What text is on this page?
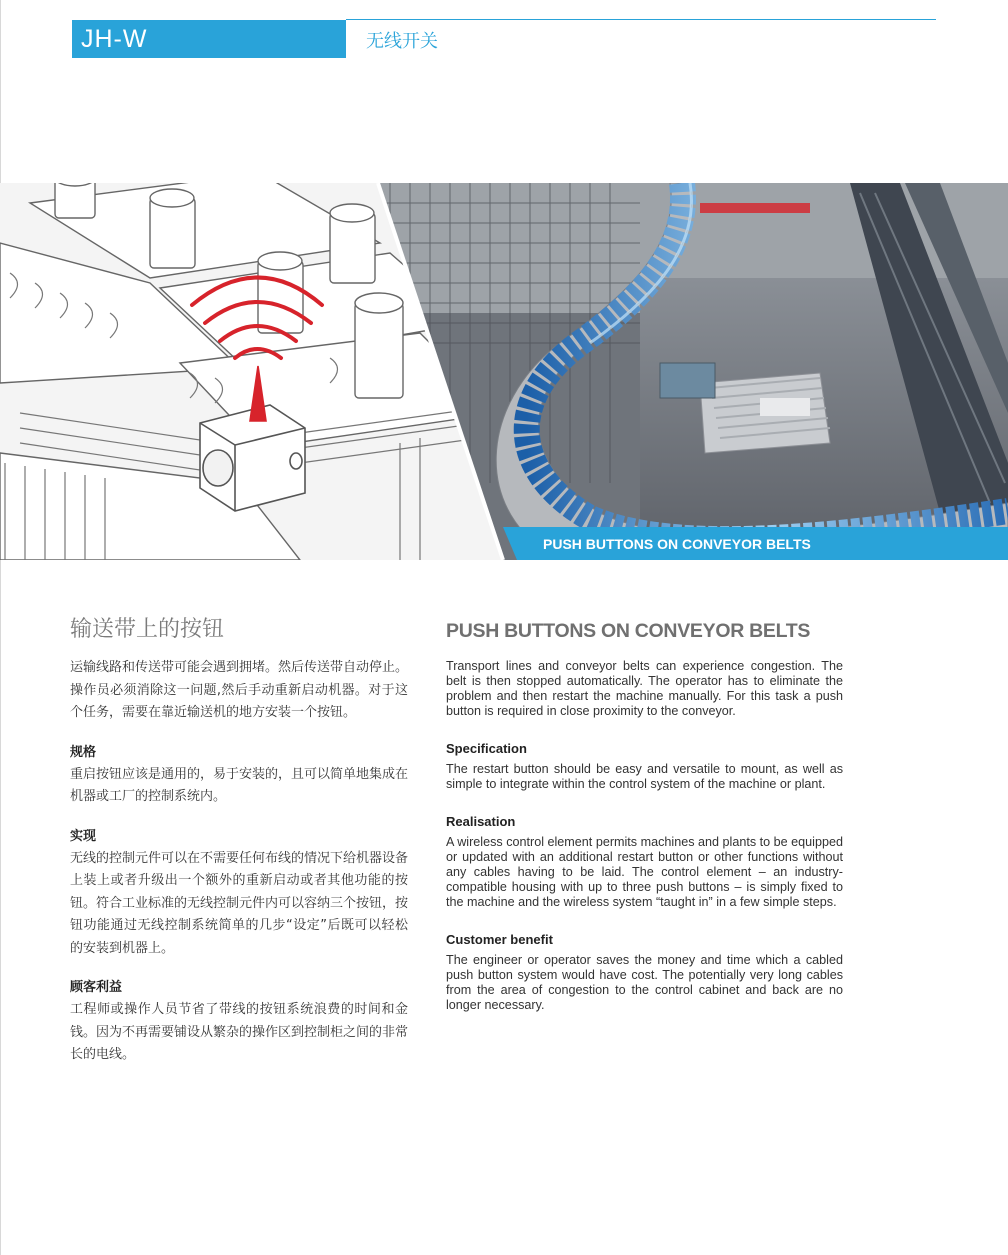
JH-W	无线开关
PUSH BUTTONS ON CONVEYOR BELTS
输送带上的按钮

运输线路和传送带可能会遇到拥堵。然后传送带自动停止。操作员必须消除这一问题,然后手动重新启动机器。对于这个任务，需要在靠近输送机的地方安装一个按钮。

规格

重启按钮应该是通用的，易于安装的，且可以简单地集成在机器或工厂的控制系统内。

实现

无线的控制元件可以在不需要任何布线的情况下给机器设备上装上或者升级出一个额外的重新启动或者其他功能的按钮。符合工业标准的无线控制元件内可以容纳三个按钮，按钮功能通过无线控制系统简单的几步“设定”后既可以轻松的安装到机器上。

顾客利益

工程师或操作人员节省了带线的按钮系统浪费的时间和金钱。因为不再需要铺设从繁杂的操作区到控制柜之间的非常长的电线。

PUSH BUTTONS ON CONVEYOR BELTS

Transport lines and conveyor belts can experience congestion. The belt is then stopped automatically. The operator has to eliminate the problem and then restart the machine manually. For this task a push button is required in close proximity to the conveyor.

Specification

The restart button should be easy and versatile to mount, as well as simple to integrate within the control system of the machine or plant.

Realisation

A wireless control element permits machines and plants to be equipped or updated with an additional restart button or other functions without any cables having to be laid. The control element – an industry-compatible housing with up to three push buttons – is simply fixed to the machine and the wireless system “taught in” in a few simple steps.

Customer benefit

The engineer or operator saves the money and time which a cabled push button system would have cost. The potentially very long cables from the area of congestion to the control cabinet and back are no longer necessary.
